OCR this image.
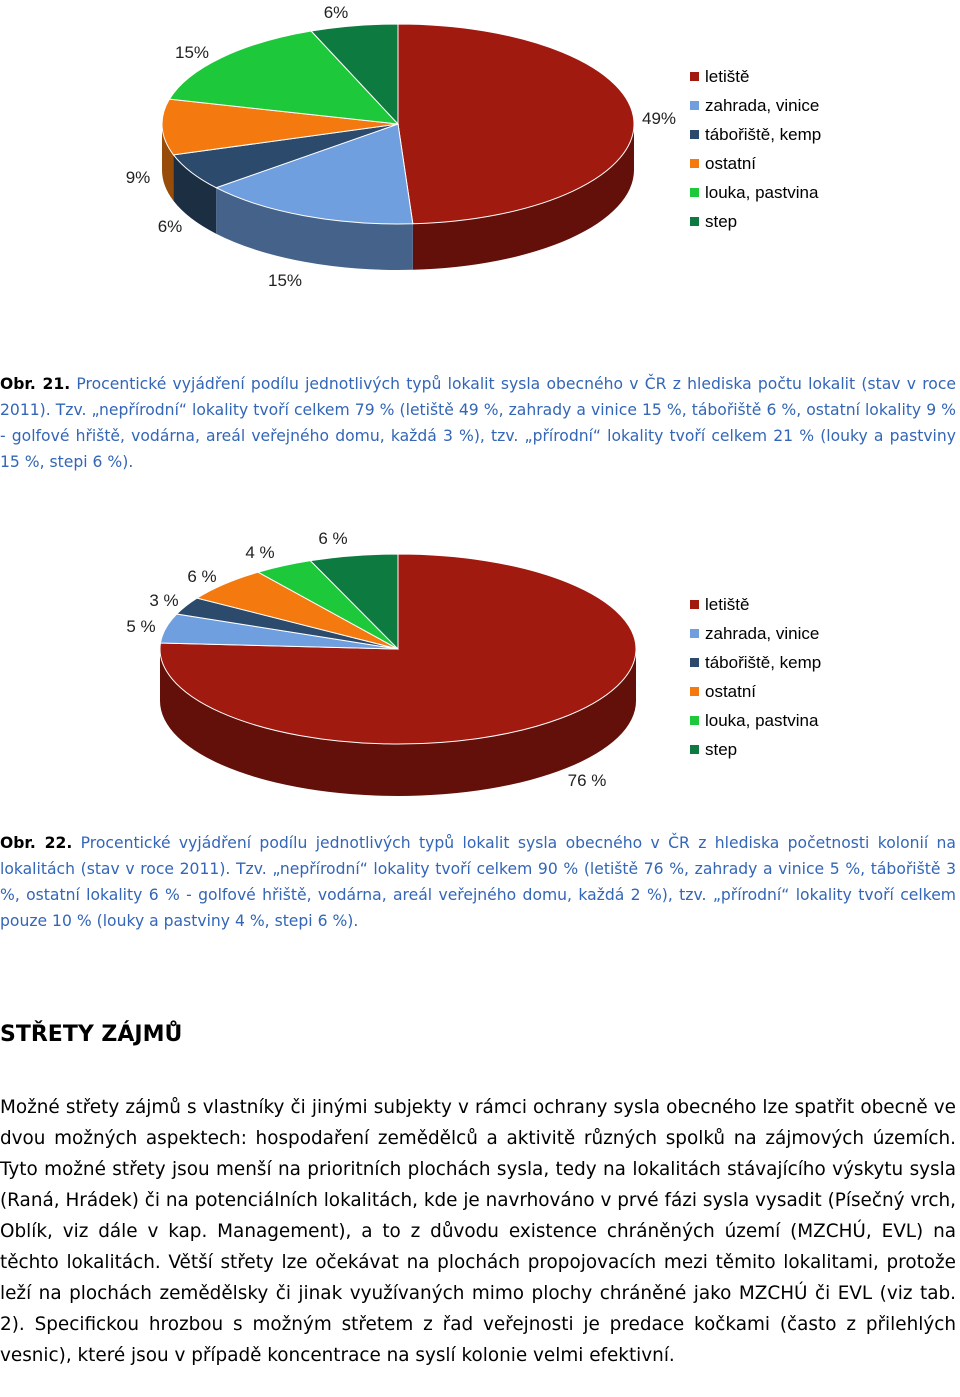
49%
15%
6%
9%
15%
6%
letiště
zahrada, vinice
tábořiště, kemp
ostatní
louka, pastvina
step
Obr. 21. Procentické vyjádření podílu jednotlivých typů lokalit sysla obecného v ČR z hlediska počtu lokalit (stav v roce 2011). Tzv. „nepřírodní“ lokality tvoří celkem 79 % (letiště 49 %, zahrady a vinice 15 %, tábořiště 6 %, ostatní lokality 9 % - golfové hřiště, vodárna, areál veřejného domu, každá 3 %), tzv. „přírodní“ lokality tvoří celkem 21 % (louky a pastviny 15 %, stepi 6 %).
76 %
5 %
3 %
6 %
4 %
6 %
letiště
zahrada, vinice
tábořiště, kemp
ostatní
louka, pastvina
step
Obr. 22. Procentické vyjádření podílu jednotlivých typů lokalit sysla obecného v ČR z hlediska početnosti kolonií na lokalitách (stav v roce 2011). Tzv. „nepřírodní“ lokality tvoří celkem 90 % (letiště 76 %, zahrady a vinice 5 %, tábořiště 3 %, ostatní lokality 6 % - golfové hřiště, vodárna, areál veřejného domu, každá 2 %), tzv. „přírodní“ lokality tvoří celkem pouze 10 % (louky a pastviny 4 %, stepi 6 %).
STŘETY ZÁJMŮ

Možné střety zájmů s vlastníky či jinými subjekty v rámci ochrany sysla obecného lze spatřit obecně ve dvou možných aspektech: hospodaření zemědělců a aktivitě různých spolků na zájmových územích. Tyto možné střety jsou menší na prioritních plochách sysla, tedy na lokalitách stávajícího výskytu sysla (Raná, Hrádek) či na potenciálních lokalitách, kde je navrhováno v prvé fázi sysla vysadit (Písečný vrch, Oblík, viz dále v kap. Management), a to z důvodu existence chráněných území (MZCHÚ, EVL) na těchto lokalitách. Větší střety lze očekávat na plochách propojovacích mezi těmito lokalitami, protože leží na plochách zemědělsky či jinak využívaných mimo plochy chráněné jako MZCHÚ či EVL (viz tab. 2). Specifickou hrozbou s možným střetem z řad veřejnosti je predace kočkami (často z přilehlých vesnic), které jsou v případě koncentrace na syslí kolonie velmi efektivní.
